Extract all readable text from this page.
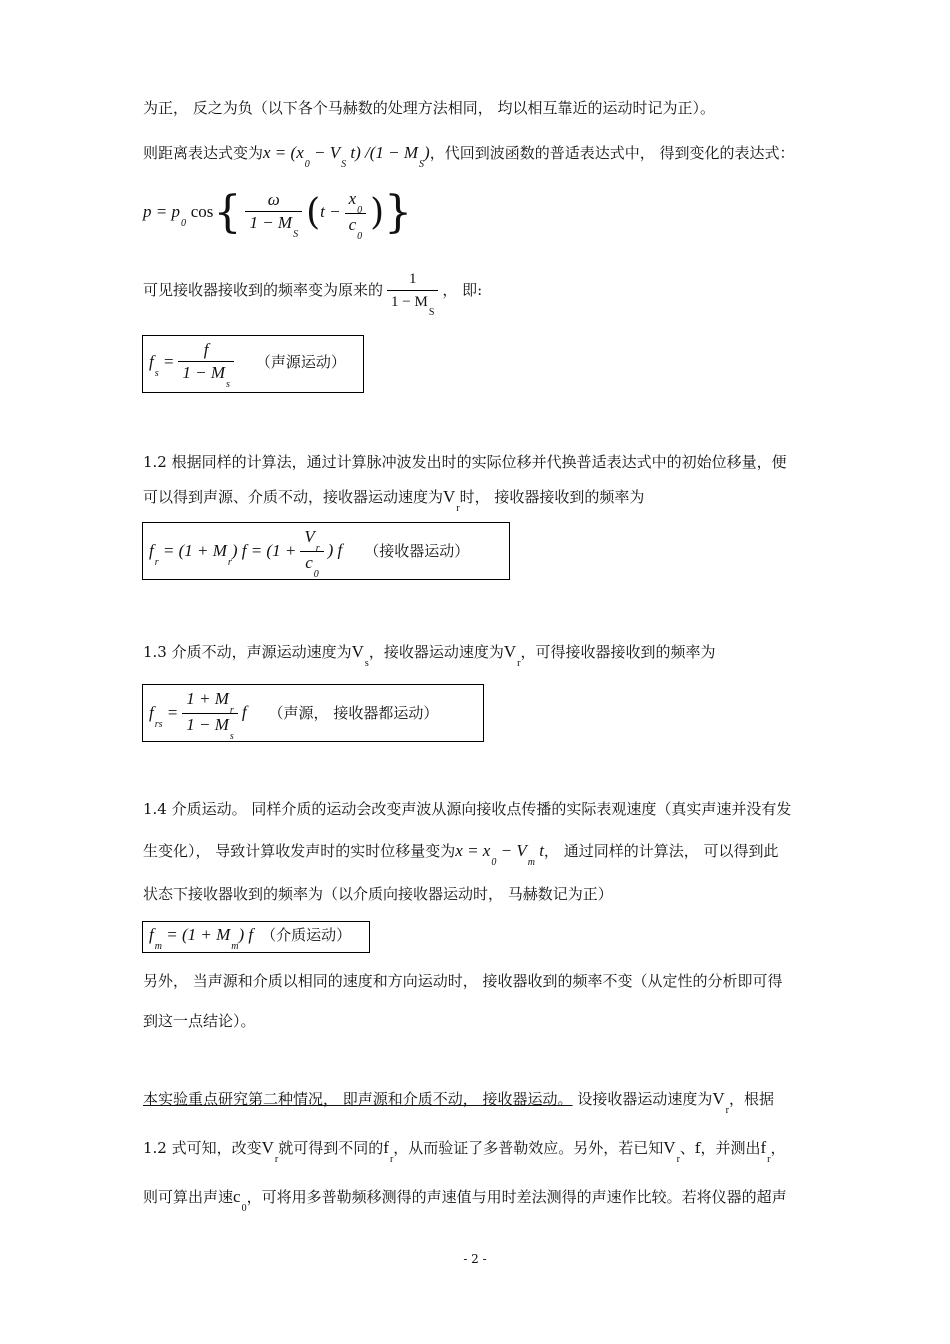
为正， 反之为负（以下各个马赫数的处理方法相同， 均以相互靠近的运动时记为正）。
则距离表达式变为$x = (x_0 - V_S$ t) $/(1 - M_S)$，代回到波函数的普适表达式中， 得到变化的表达式：
$p = p_0$ $\cos\{ \frac{\omega}{1 - M_S} (t - \frac{x_0}{c_0}$ )}
可见接收器接收到的频率变为原来的 $\frac{1}{1 - M_S}$ ， 即:
$f_s = \frac{f}{1 - M_s}$ （声源运动）
1.2 根据同样的计算法，通过计算脉冲波发出时的实际位移并代换普适表达式中的初始位移量，便
可以得到声源、介质不动，接收器运动速度为$V_r$时， 接收器接收到的频率为
$f_r = (1 + M_r) f = (1 + \frac{V_r}{c_0}$ ) f （接收器运动）
1.3 介质不动，声源运动速度为$V_s$，接收器运动速度为$V_r$，可得接收器接收到的频率为
$f_{rs} = \frac{1 + M_r}{1 - M_s}$ f （声源， 接收器都运动）
1.4 介质运动。 同样介质的运动会改变声波从源向接收点传播的实际表观速度（真实声速并没有发
生变化）， 导致计算收发声时的实时位移量变为$x = x_0 - V_m$ t， 通过同样的计算法， 可以得到此
状态下接收器收到的频率为（以介质向接收器运动时， 马赫数记为正）
$f_m = (1 + M_m)$ f （介质运动）
另外， 当声源和介质以相同的速度和方向运动时， 接收器收到的频率不变（从定性的分析即可得
到这一点结论）。
本实验重点研究第二种情况， 即声源和介质不动， 接收器运动。 设接收器运动速度为$V_r$，根据
1.2 式可知，改变$V_r$就可得到不同的$f_r$，从而验证了多普勒效应。另外，若已知$V_r$、f，并测出$f_r$，
则可算出声速$c_0$，可将用多普勒频移测得的声速值与用时差法测得的声速作比较。若将仪器的超声
- 2 -
